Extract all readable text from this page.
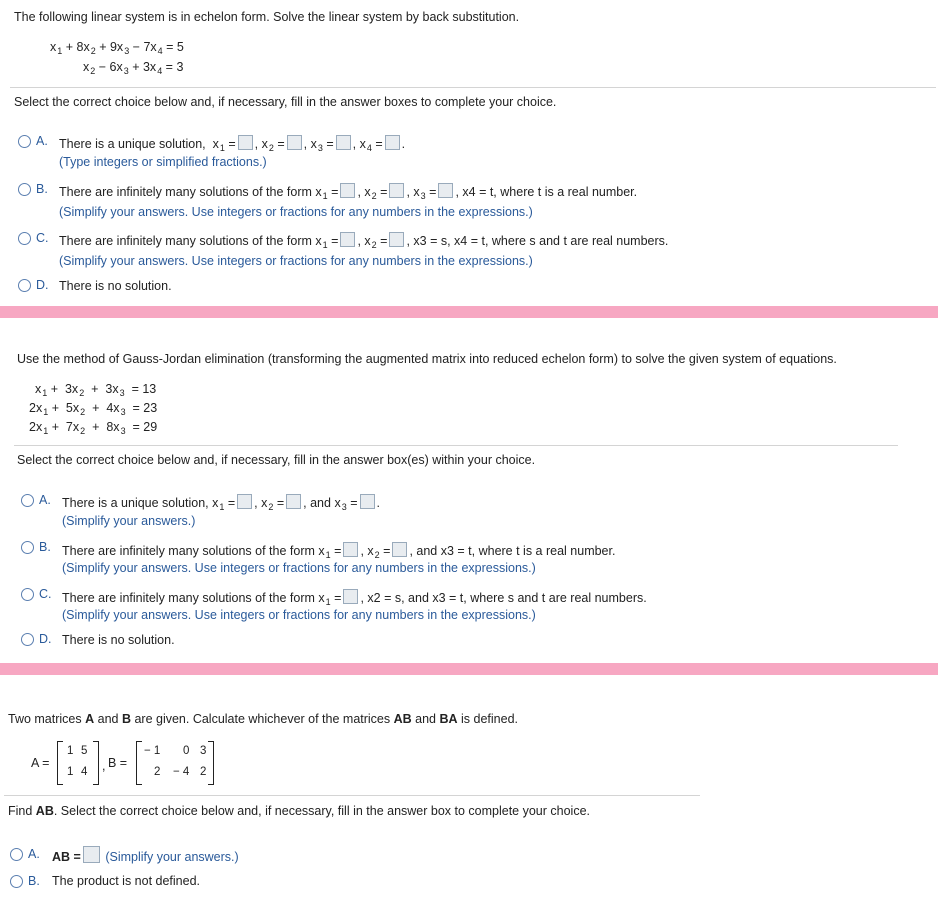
The following linear system is in echelon form. Solve the linear system by back substitution.
$x_1 + 8x_2 + 9x_3 - 7x_4 = 5$
$x_2 - 6x_3 + 3x_4 = 3$
Select the correct choice below and, if necessary, fill in the answer boxes to complete your choice.
A. There is a unique solution,  $x_1$ = , $x_2$ = , $x_3$ = , $x_4$ = .
(Type integers or simplified fractions.)
B. There are infinitely many solutions of the form $x_1$ = , $x_2$ = , $x_3$ = , x4 = t, where t is a real number.
(Simplify your answers. Use integers or fractions for any numbers in the expressions.)
C. There are infinitely many solutions of the form $x_1$ = , $x_2$ = , x3 = s, x4 = t, where s and t are real numbers.
(Simplify your answers. Use integers or fractions for any numbers in the expressions.)
D. There is no solution.
Use the method of Gauss-Jordan elimination (transforming the augmented matrix into reduced echelon form) to solve the given system of equations.
$x_1 + 3x_2 + 3x_3 = 13$
$2x_1 + 5x_2 + 4x_3 = 23$
$2x_1 + 7x_2 + 8x_3 = 29$
Select the correct choice below and, if necessary, fill in the answer box(es) within your choice.
A. There is a unique solution, $x_1$ = , $x_2$ = , and $x_3$ = .
(Simplify your answers.)
B. There are infinitely many solutions of the form $x_1$ = , $x_2$ = , and x3 = t, where t is a real number.
(Simplify your answers. Use integers or fractions for any numbers in the expressions.)
C. There are infinitely many solutions of the form $x_1$ = , x2 = s, and x3 = t, where s and t are real numbers.
(Simplify your answers. Use integers or fractions for any numbers in the expressions.)
D. There is no solution.
Two matrices A and B are given. Calculate whichever of the matrices AB and BA is defined.
A =
1 5
1 4 , B =
− 1 0 3
2 − 4 2
Find AB. Select the correct choice below and, if necessary, fill in the answer box to complete your choice.
A. AB = (Simplify your answers.)
B. The product is not defined.
